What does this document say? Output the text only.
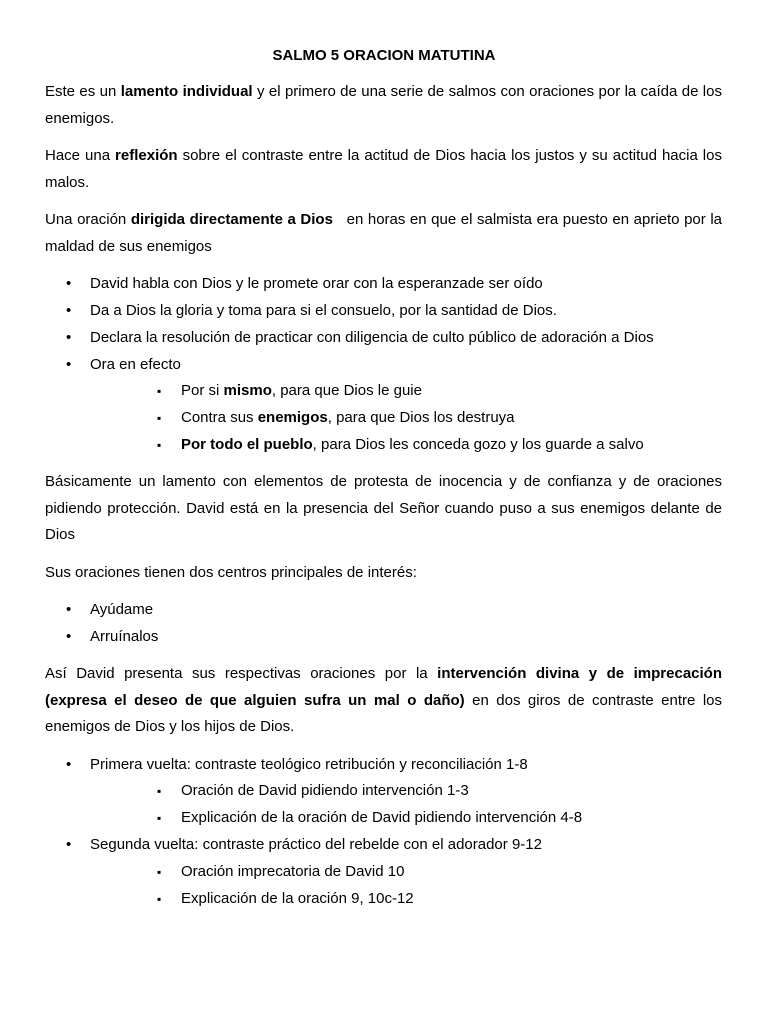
SALMO 5 ORACION MATUTINA

Este es un lamento individual y el primero de una serie de salmos con oraciones por la caída de los enemigos.

Hace una reflexión sobre el contraste entre la actitud de Dios hacia los justos y su actitud hacia los malos.

Una oración dirigida directamente a Dios   en horas en que el salmista era puesto en aprieto por la maldad de sus enemigos

•	David habla con Dios y le promete orar con la esperanzade ser oído

•	Da a Dios la gloria y toma para si el consuelo, por la santidad de Dios.

•	Declara la resolución de practicar con diligencia de culto público de adoración a Dios

•	Ora en efecto

▪	Por si mismo, para que Dios le guie

▪	Contra sus enemigos, para que Dios los destruya

▪	Por todo el pueblo, para Dios les conceda gozo y los guarde a salvo

Básicamente un lamento con elementos de protesta de inocencia y de confianza y de oraciones pidiendo protección. David está en la presencia del Señor cuando puso a sus enemigos delante de Dios

Sus oraciones tienen dos centros principales de interés:

•	Ayúdame

•	Arruínalos

Así David presenta sus respectivas oraciones por la intervención divina y de imprecación (expresa el deseo de que alguien sufra un mal o daño) en dos giros de contraste entre los enemigos de Dios y los hijos de Dios.

•	Primera vuelta: contraste teológico retribución y reconciliación 1-8

▪	Oración de David pidiendo intervención 1-3

▪	Explicación de la oración de David pidiendo intervención 4-8

•	Segunda vuelta: contraste práctico del rebelde con el adorador 9-12

▪	Oración imprecatoria de David 10

▪	Explicación de la oración 9, 10c-12
